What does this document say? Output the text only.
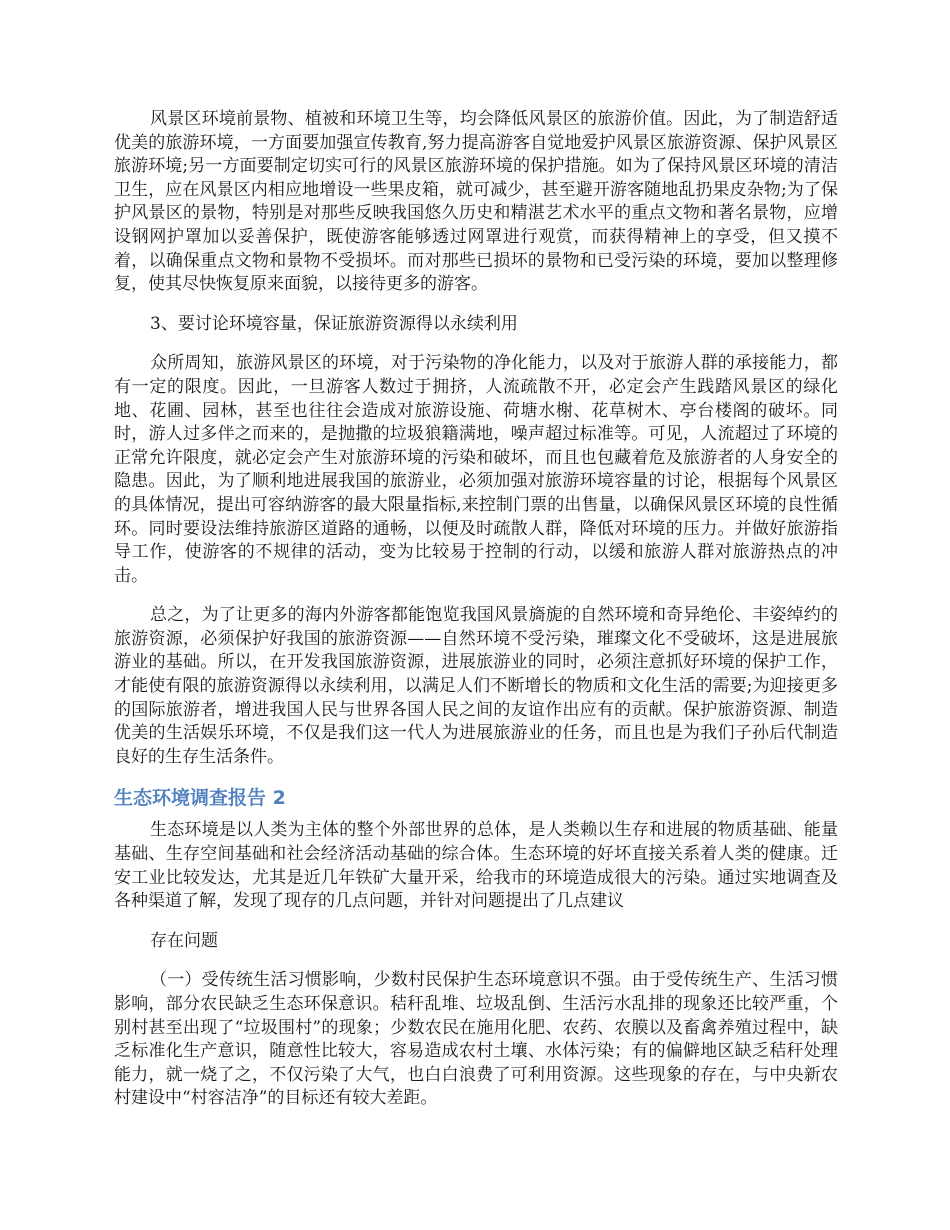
风景区环境前景物、植被和环境卫生等，均会降低风景区的旅游价值。因此，为了制造舒适优美的旅游环境，一方面要加强宣传教育,努力提高游客自觉地爱护风景区旅游资源、保护风景区旅游环境;另一方面要制定切实可行的风景区旅游环境的保护措施。如为了保持风景区环境的清洁卫生，应在风景区内相应地增设一些果皮箱，就可减少，甚至避开游客随地乱扔果皮杂物;为了保护风景区的景物，特别是对那些反映我国悠久历史和精湛艺术水平的重点文物和著名景物，应增设钢网护罩加以妥善保护，既使游客能够透过网罩进行观赏，而获得精神上的享受，但又摸不着，以确保重点文物和景物不受损坏。而对那些已损坏的景物和已受污染的环境，要加以整理修复，使其尽快恢复原来面貌，以接待更多的游客。

3、要讨论环境容量，保证旅游资源得以永续利用

众所周知，旅游风景区的环境，对于污染物的净化能力，以及对于旅游人群的承接能力，都有一定的限度。因此，一旦游客人数过于拥挤，人流疏散不开，必定会产生践踏风景区的绿化地、花圃、园林，甚至也往往会造成对旅游设施、荷塘水榭、花草树木、亭台楼阁的破坏。同时，游人过多伴之而来的，是抛撒的垃圾狼籍满地，噪声超过标准等。可见，人流超过了环境的正常允许限度，就必定会产生对旅游环境的污染和破坏，而且也包藏着危及旅游者的人身安全的隐患。因此，为了顺利地进展我国的旅游业，必须加强对旅游环境容量的讨论，根据每个风景区的具体情况，提出可容纳游客的最大限量指标,来控制门票的出售量，以确保风景区环境的良性循环。同时要设法维持旅游区道路的通畅，以便及时疏散人群，降低对环境的压力。并做好旅游指导工作，使游客的不规律的活动，变为比较易于控制的行动，以缓和旅游人群对旅游热点的冲击。

总之，为了让更多的海内外游客都能饱览我国风景旖旎的自然环境和奇异绝伦、丰姿绰约的旅游资源，必须保护好我国的旅游资源——自然环境不受污染，璀璨文化不受破坏，这是进展旅游业的基础。所以，在开发我国旅游资源，进展旅游业的同时，必须注意抓好环境的保护工作，才能使有限的旅游资源得以永续利用，以满足人们不断增长的物质和文化生活的需要;为迎接更多的国际旅游者，增进我国人民与世界各国人民之间的友谊作出应有的贡献。保护旅游资源、制造优美的生活娱乐环境，不仅是我们这一代人为进展旅游业的任务，而且也是为我们子孙后代制造良好的生存生活条件。

生态环境调查报告 2

生态环境是以人类为主体的整个外部世界的总体，是人类赖以生存和进展的物质基础、能量基础、生存空间基础和社会经济活动基础的综合体。生态环境的好坏直接关系着人类的健康。迁安工业比较发达，尤其是近几年铁矿大量开采，给我市的环境造成很大的污染。通过实地调查及各种渠道了解，发现了现存的几点问题，并针对问题提出了几点建议

存在问题

（一）受传统生活习惯影响，少数村民保护生态环境意识不强。由于受传统生产、生活习惯影响，部分农民缺乏生态环保意识。秸秆乱堆、垃圾乱倒、生活污水乱排的现象还比较严重，个别村甚至出现了“垃圾围村”的现象；少数农民在施用化肥、农药、农膜以及畜禽养殖过程中，缺乏标准化生产意识，随意性比较大，容易造成农村土壤、水体污染；有的偏僻地区缺乏秸秆处理能力，就一烧了之，不仅污染了大气，也白白浪费了可利用资源。这些现象的存在，与中央新农村建设中“村容洁净”的目标还有较大差距。
